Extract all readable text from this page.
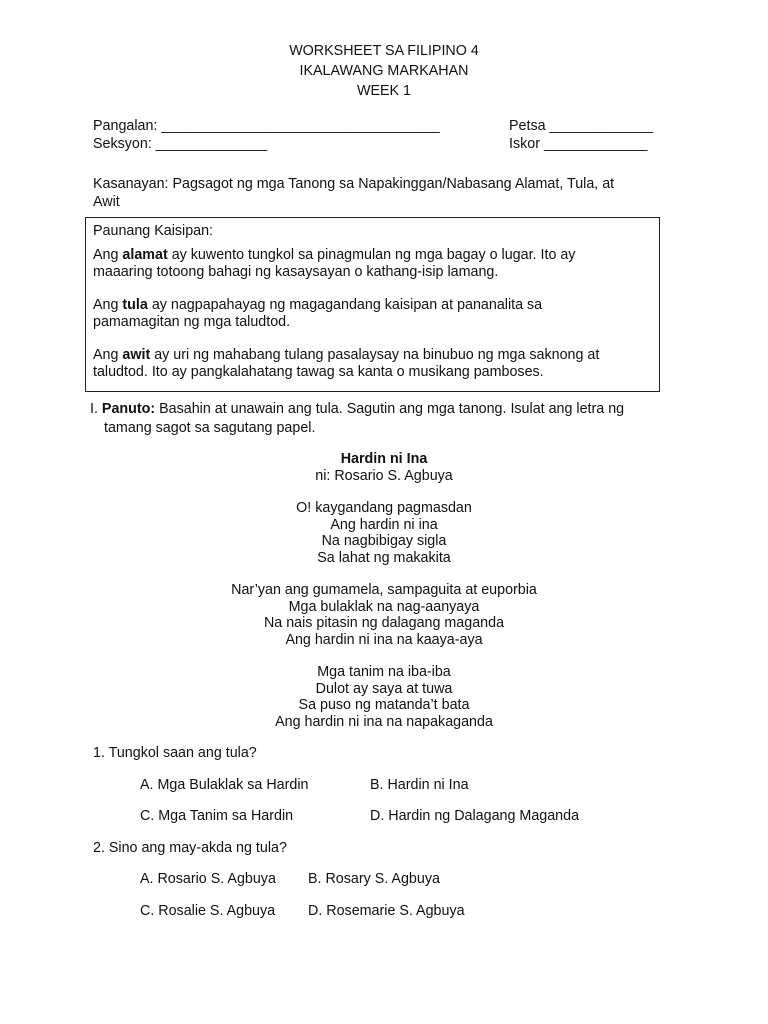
WORKSHEET SA FILIPINO 4
IKALAWANG MARKAHAN
WEEK 1
Pangalan: ___________________________________	Petsa _____________
Seksyon: ______________	Iskor _____________
Kasanayan: Pagsagot ng mga Tanong sa Napakinggan/Nabasang Alamat, Tula, at
Awit
Paunang Kaisipan:
Ang alamat ay kuwento tungkol sa pinagmulan ng mga bagay o lugar. Ito ay
maaaring totoong bahagi ng kasaysayan o kathang-isip lamang.
Ang tula ay nagpapahayag ng magagandang kaisipan at pananalita sa
pamamagitan ng mga taludtod.
Ang awit ay uri ng mahabang tulang pasalaysay na binubuo ng mga saknong at
taludtod. Ito ay pangkalahatang tawag sa kanta o musikang pamboses.
I. Panuto: Basahin at unawain ang tula. Sagutin ang mga tanong. Isulat ang letra ng
tamang sagot sa sagutang papel.
Hardin ni Ina
ni: Rosario S. Agbuya
O! kaygandang pagmasdan
Ang hardin ni ina
Na nagbibigay sigla
Sa lahat ng makakita
Nar’yan ang gumamela, sampaguita at euporbia
Mga bulaklak na nag-aanyaya
Na nais pitasin ng dalagang maganda
Ang hardin ni ina na kaaya-aya
Mga tanim na iba-iba
Dulot ay saya at tuwa
Sa puso ng matanda’t bata
Ang hardin ni ina na napakaganda
1. Tungkol saan ang tula?
A. Mga Bulaklak sa Hardin	B. Hardin ni Ina
C. Mga Tanim sa Hardin	D. Hardin ng Dalagang Maganda
2. Sino ang may-akda ng tula?
A. Rosario S. Agbuya B. Rosary S. Agbuya
C. Rosalie S. Agbuya D. Rosemarie S. Agbuya
